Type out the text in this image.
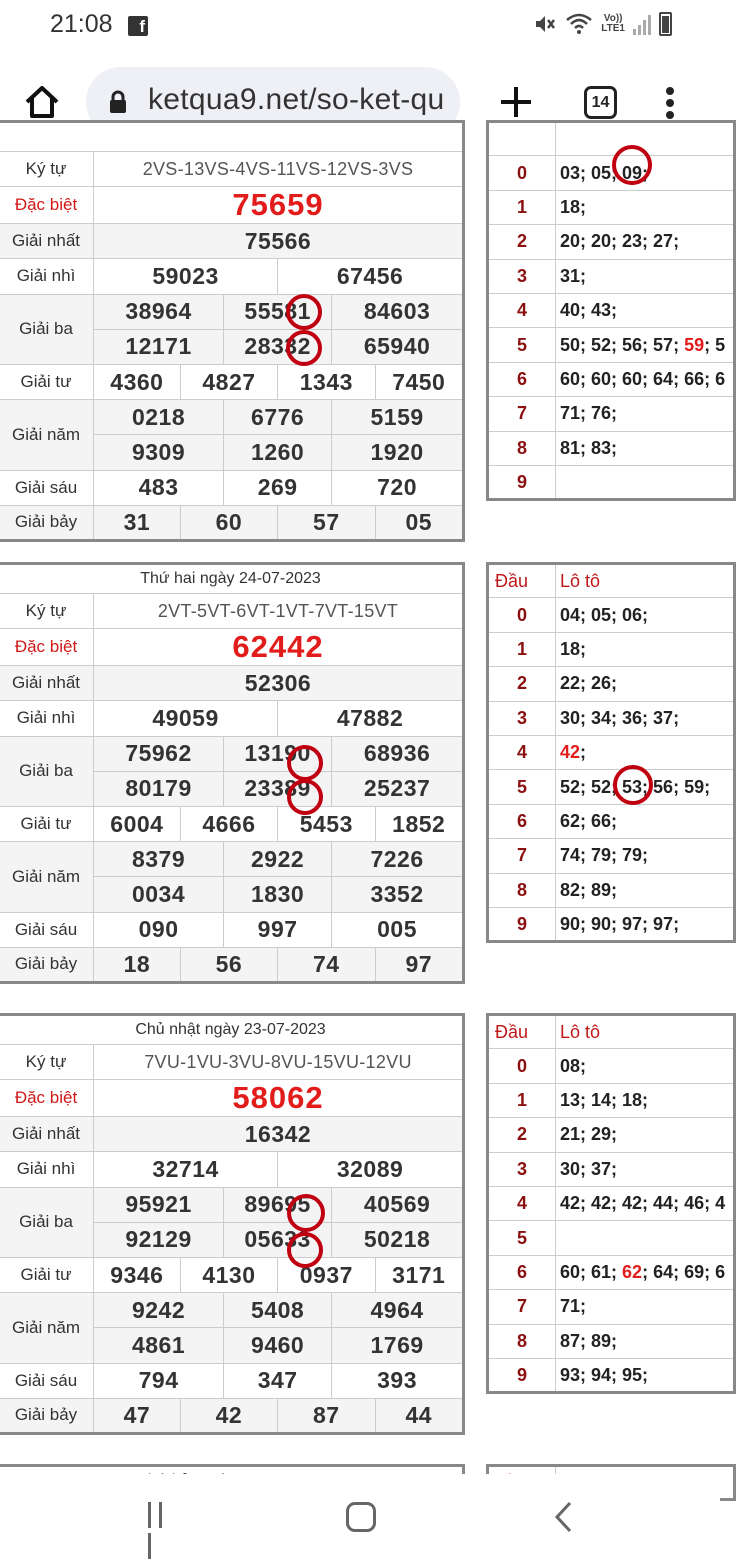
21:08	f	Vo))
LTE1
ketqua9.net/so-ket-qu	14

Ký tự	2VS-13VS-4VS-11VS-12VS-3VS					
Đặc biệt	75659					
Giải nhất	75566					
Giải nhì	59023			67456		
Giải ba	38964		55581		84603	
	12171		28332		65940	
Giải tư	4360	4827		1343		7450
Giải năm	0218		6776		5159	
	9309		1260		1920	
Giải sáu	483		269		720	
Giải bảy	31	60		57		05

0	03; 05; 09;
1	18;
2	20; 20; 23; 27;
3	31;
4	40; 43;
5	50; 52; 56; 57; 59; 5
6	60; 60; 60; 64; 66; 6
7	71; 76;
8	81; 83;
9	
Thứ hai ngày 24-07-2023						
Ký tự	2VT-5VT-6VT-1VT-7VT-15VT					
Đặc biệt	62442					
Giải nhất	52306					
Giải nhì	49059			47882		
Giải ba	75962		13190		68936	
	80179		23389		25237	
Giải tư	6004	4666		5453		1852
Giải năm	8379		2922		7226	
	0034		1830		3352	
Giải sáu	090		997		005	
Giải bảy	18	56		74		97
Đầu	Lô tô
0	04; 05; 06;
1	18;
2	22; 26;
3	30; 34; 36; 37;
4	42;
5	52; 52; 53; 56; 59;
6	62; 66;
7	74; 79; 79;
8	82; 89;
9	90; 90; 97; 97;
Chủ nhật ngày 23-07-2023						
Ký tự	7VU-1VU-3VU-8VU-15VU-12VU					
Đặc biệt	58062					
Giải nhất	16342					
Giải nhì	32714			32089		
Giải ba	95921		89695		40569	
	92129		05633		50218	
Giải tư	9346	4130		0937		3171
Giải năm	9242		5408		4964	
	4861		9460		1769	
Giải sáu	794		347		393	
Giải bảy	47	42		87		44
Đầu	Lô tô
0	08;
1	13; 14; 18;
2	21; 29;
3	30; 37;
4	42; 42; 42; 44; 46; 4
5	
6	60; 61; 62; 64; 69; 6
7	71;
8	87; 89;
9	93; 94; 95;
